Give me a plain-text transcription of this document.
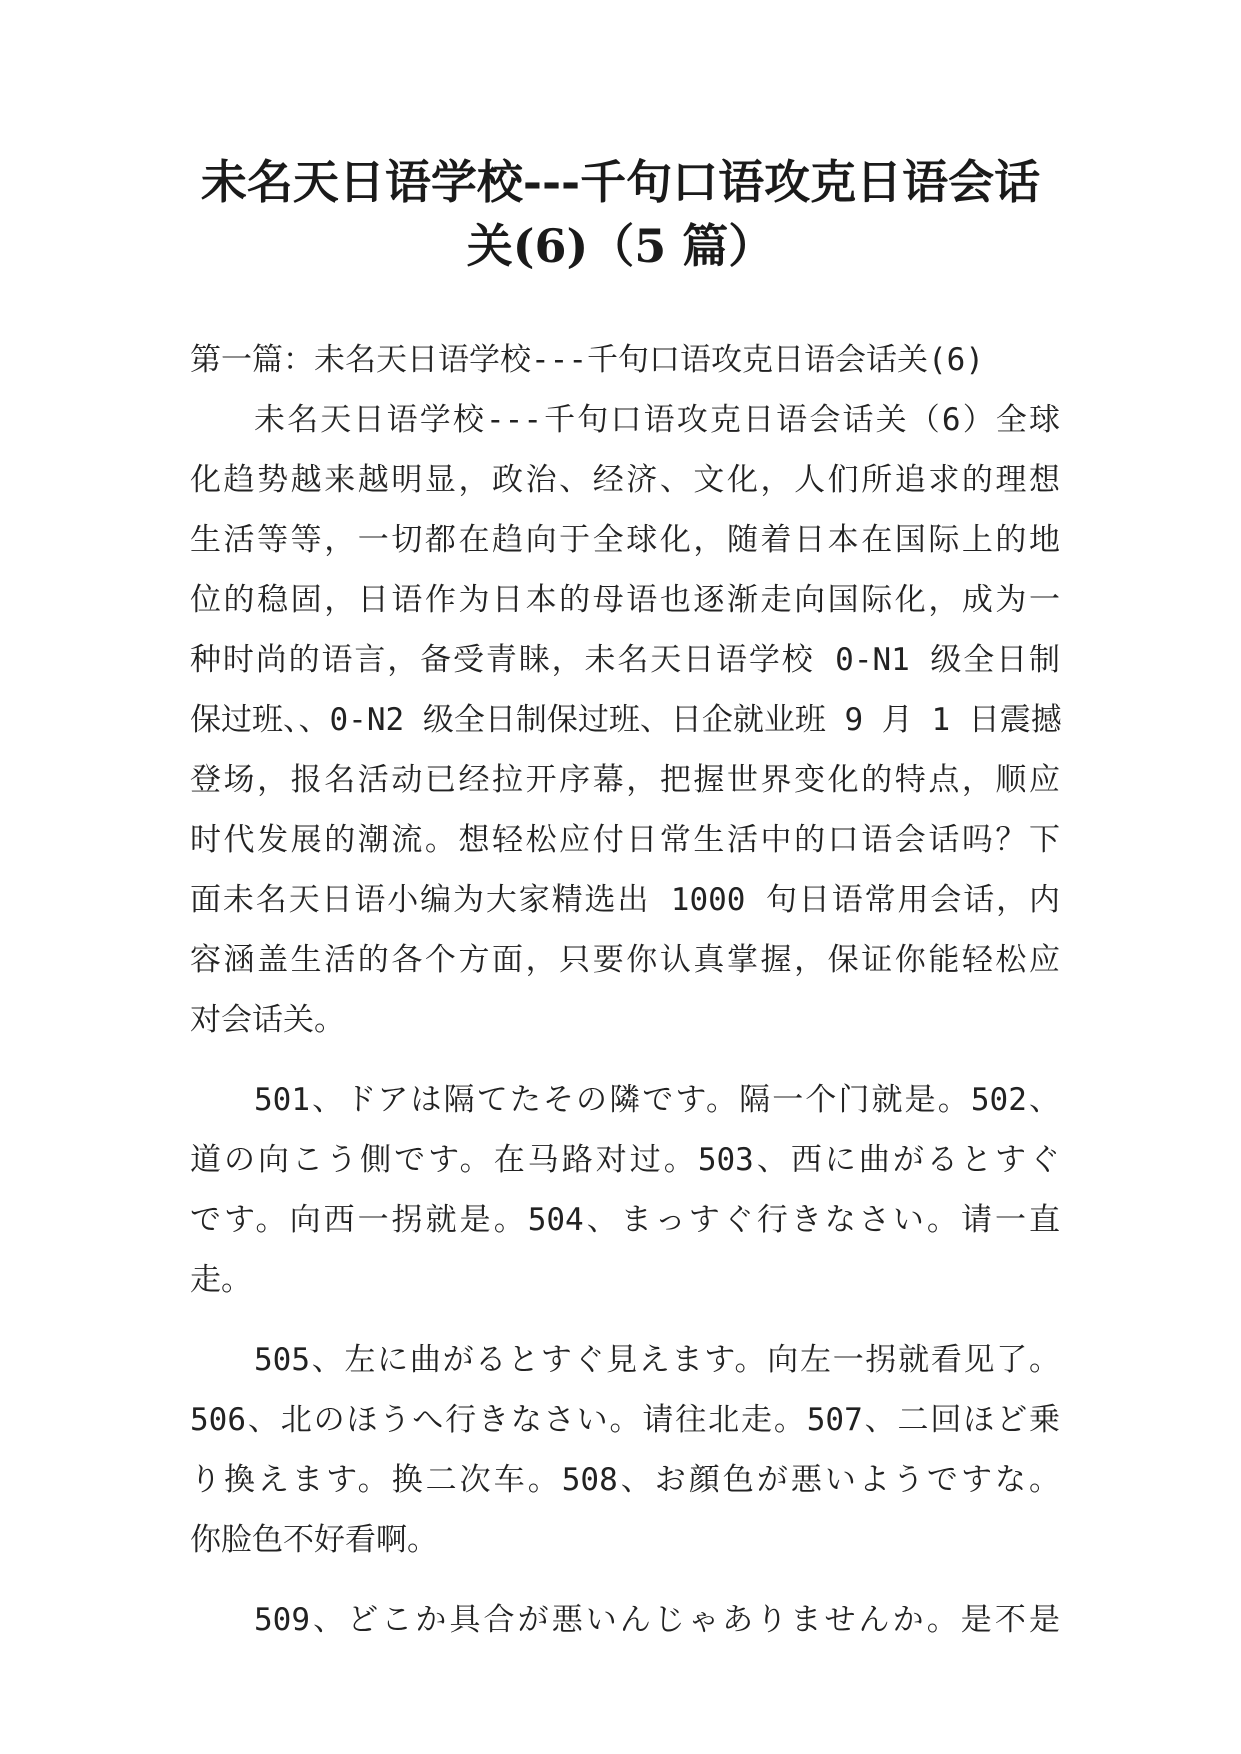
未名天日语学校---千句口语攻克日语会话
关(6)（5 篇）

第一篇：未名天日语学校---千句口语攻克日语会话关(6)

未名天日语学校---千句口语攻克日语会话关（6）全球

化趋势越来越明显，政治、经济、文化，人们所追求的理想

生活等等，一切都在趋向于全球化，随着日本在国际上的地

位的稳固，日语作为日本的母语也逐渐走向国际化，成为一

种时尚的语言，备受青睐，未名天日语学校 0-N1 级全日制

保过班、、0-N2 级全日制保过班、日企就业班 9 月 1 日震撼

登场，报名活动已经拉开序幕，把握世界变化的特点，顺应

时代发展的潮流。想轻松应付日常生活中的口语会话吗？下

面未名天日语小编为大家精选出 1000 句日语常用会话，内

容涵盖生活的各个方面，只要你认真掌握，保证你能轻松应

对会话关。

501、ドアは隔てたその隣です。隔一个门就是。502、

道の向こう側です。在马路对过。503、西に曲がるとすぐ

です。向西一拐就是。504、まっすぐ行きなさい。请一直

走。

505、左に曲がるとすぐ見えます。向左一拐就看见了。

506、北のほうへ行きなさい。请往北走。507、二回ほど乗

り換えます。换二次车。508、お顔色が悪いようですな。

你脸色不好看啊。

509、どこか具合が悪いんじゃありませんか。是不是
